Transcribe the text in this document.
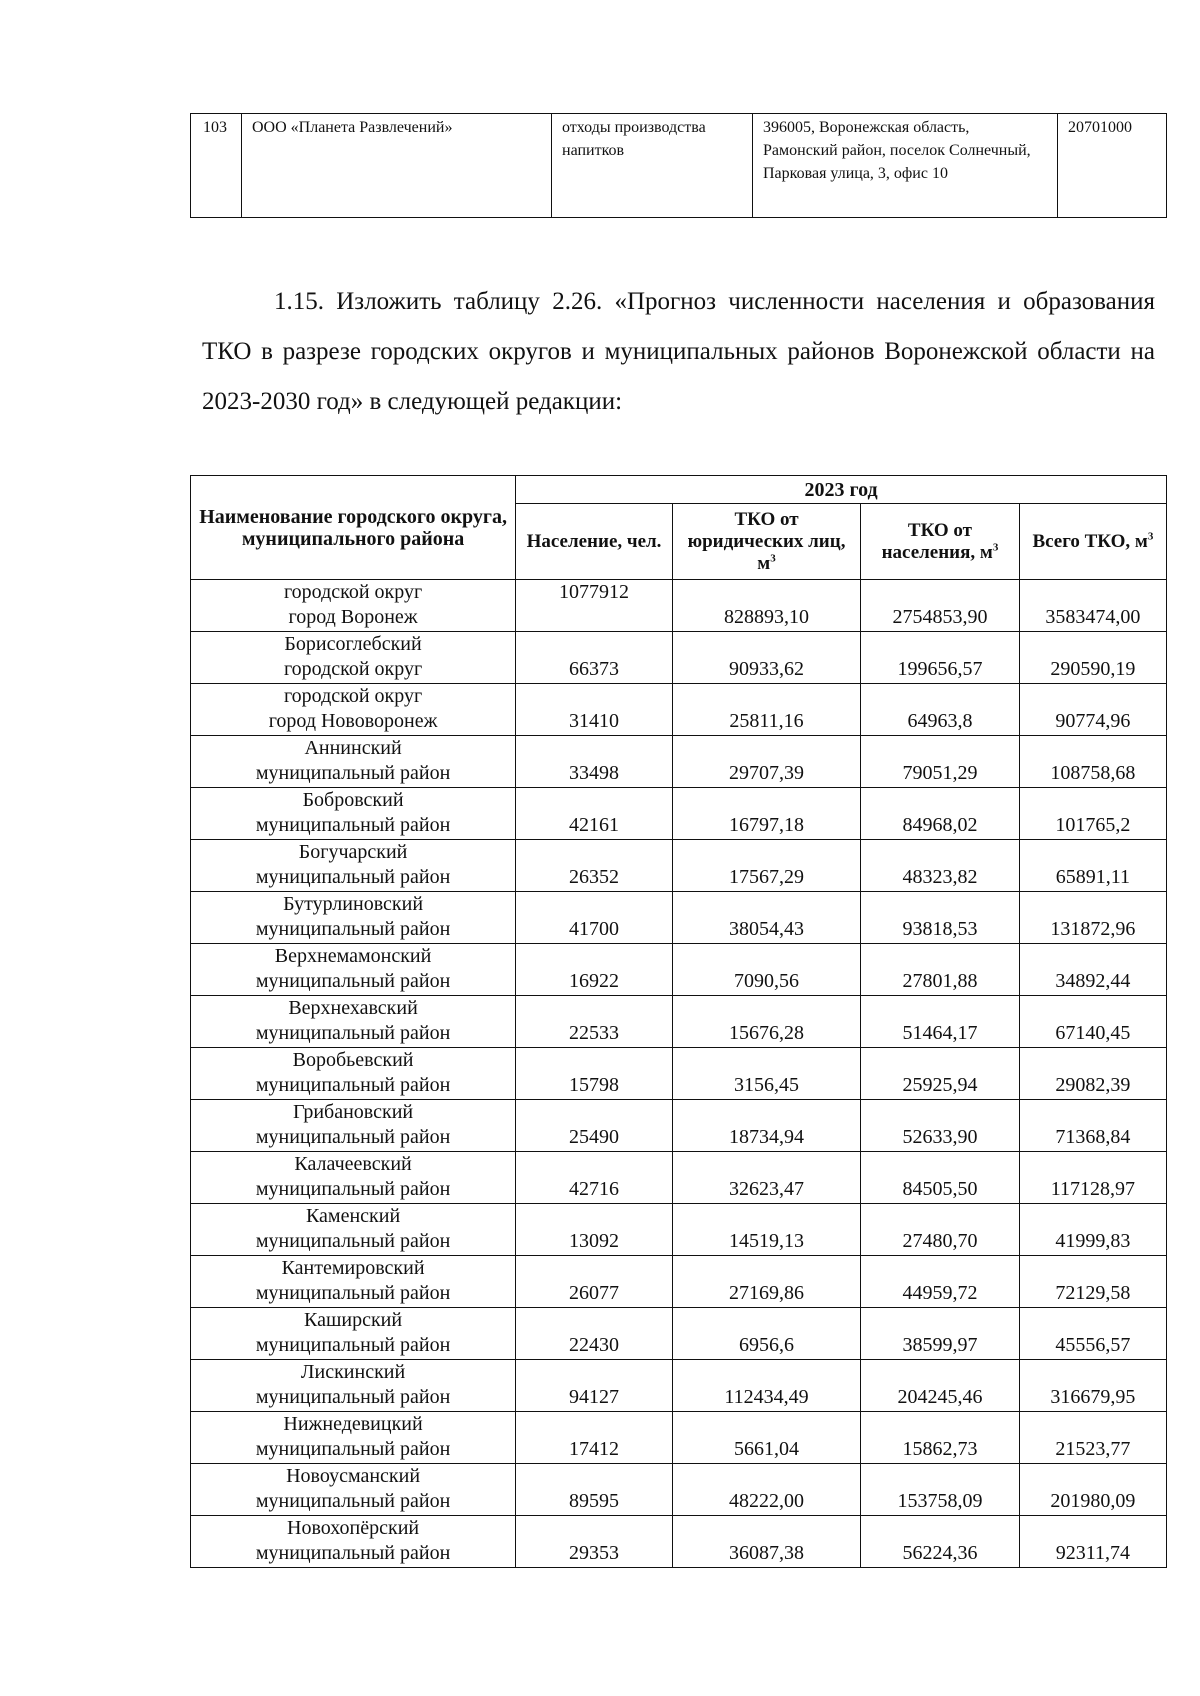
103	ООО «Планета Развлечений»	отходы производства напитков	396005, Воронежская область, Рамонский район, поселок Солнечный, Парковая улица, 3, офис 10	20701000

1.15. Изложить таблицу 2.26. «Прогноз численности населения и образования ТКО в разрезе городских округов и муниципальных районов Воронежской области на 2023-2030 год» в следующей редакции:

Наименование городского округа, муниципального района	2023 год			
	Население, чел.	ТКО от юридических лиц, $м^3$	ТКО от населения, $м^3$	Всего ТКО, $м^3$
городской округ
город Воронеж	1077912	828893,10	2754853,90	3583474,00
Борисоглебский
городской округ	66373	90933,62	199656,57	290590,19
городской округ
город Нововоронеж	31410	25811,16	64963,8	90774,96
Аннинский
муниципальный район	33498	29707,39	79051,29	108758,68
Бобровский
муниципальный район	42161	16797,18	84968,02	101765,2
Богучарский
муниципальный район	26352	17567,29	48323,82	65891,11
Бутурлиновский
муниципальный район	41700	38054,43	93818,53	131872,96
Верхнемамонский
муниципальный район	16922	7090,56	27801,88	34892,44
Верхнехавский
муниципальный район	22533	15676,28	51464,17	67140,45
Воробьевский
муниципальный район	15798	3156,45	25925,94	29082,39
Грибановский
муниципальный район	25490	18734,94	52633,90	71368,84
Калачеевский
муниципальный район	42716	32623,47	84505,50	117128,97
Каменский
муниципальный район	13092	14519,13	27480,70	41999,83
Кантемировский
муниципальный район	26077	27169,86	44959,72	72129,58
Каширский
муниципальный район	22430	6956,6	38599,97	45556,57
Лискинский
муниципальный район	94127	112434,49	204245,46	316679,95
Нижнедевицкий
муниципальный район	17412	5661,04	15862,73	21523,77
Новоусманский
муниципальный район	89595	48222,00	153758,09	201980,09
Новохопёрский
муниципальный район	29353	36087,38	56224,36	92311,74
